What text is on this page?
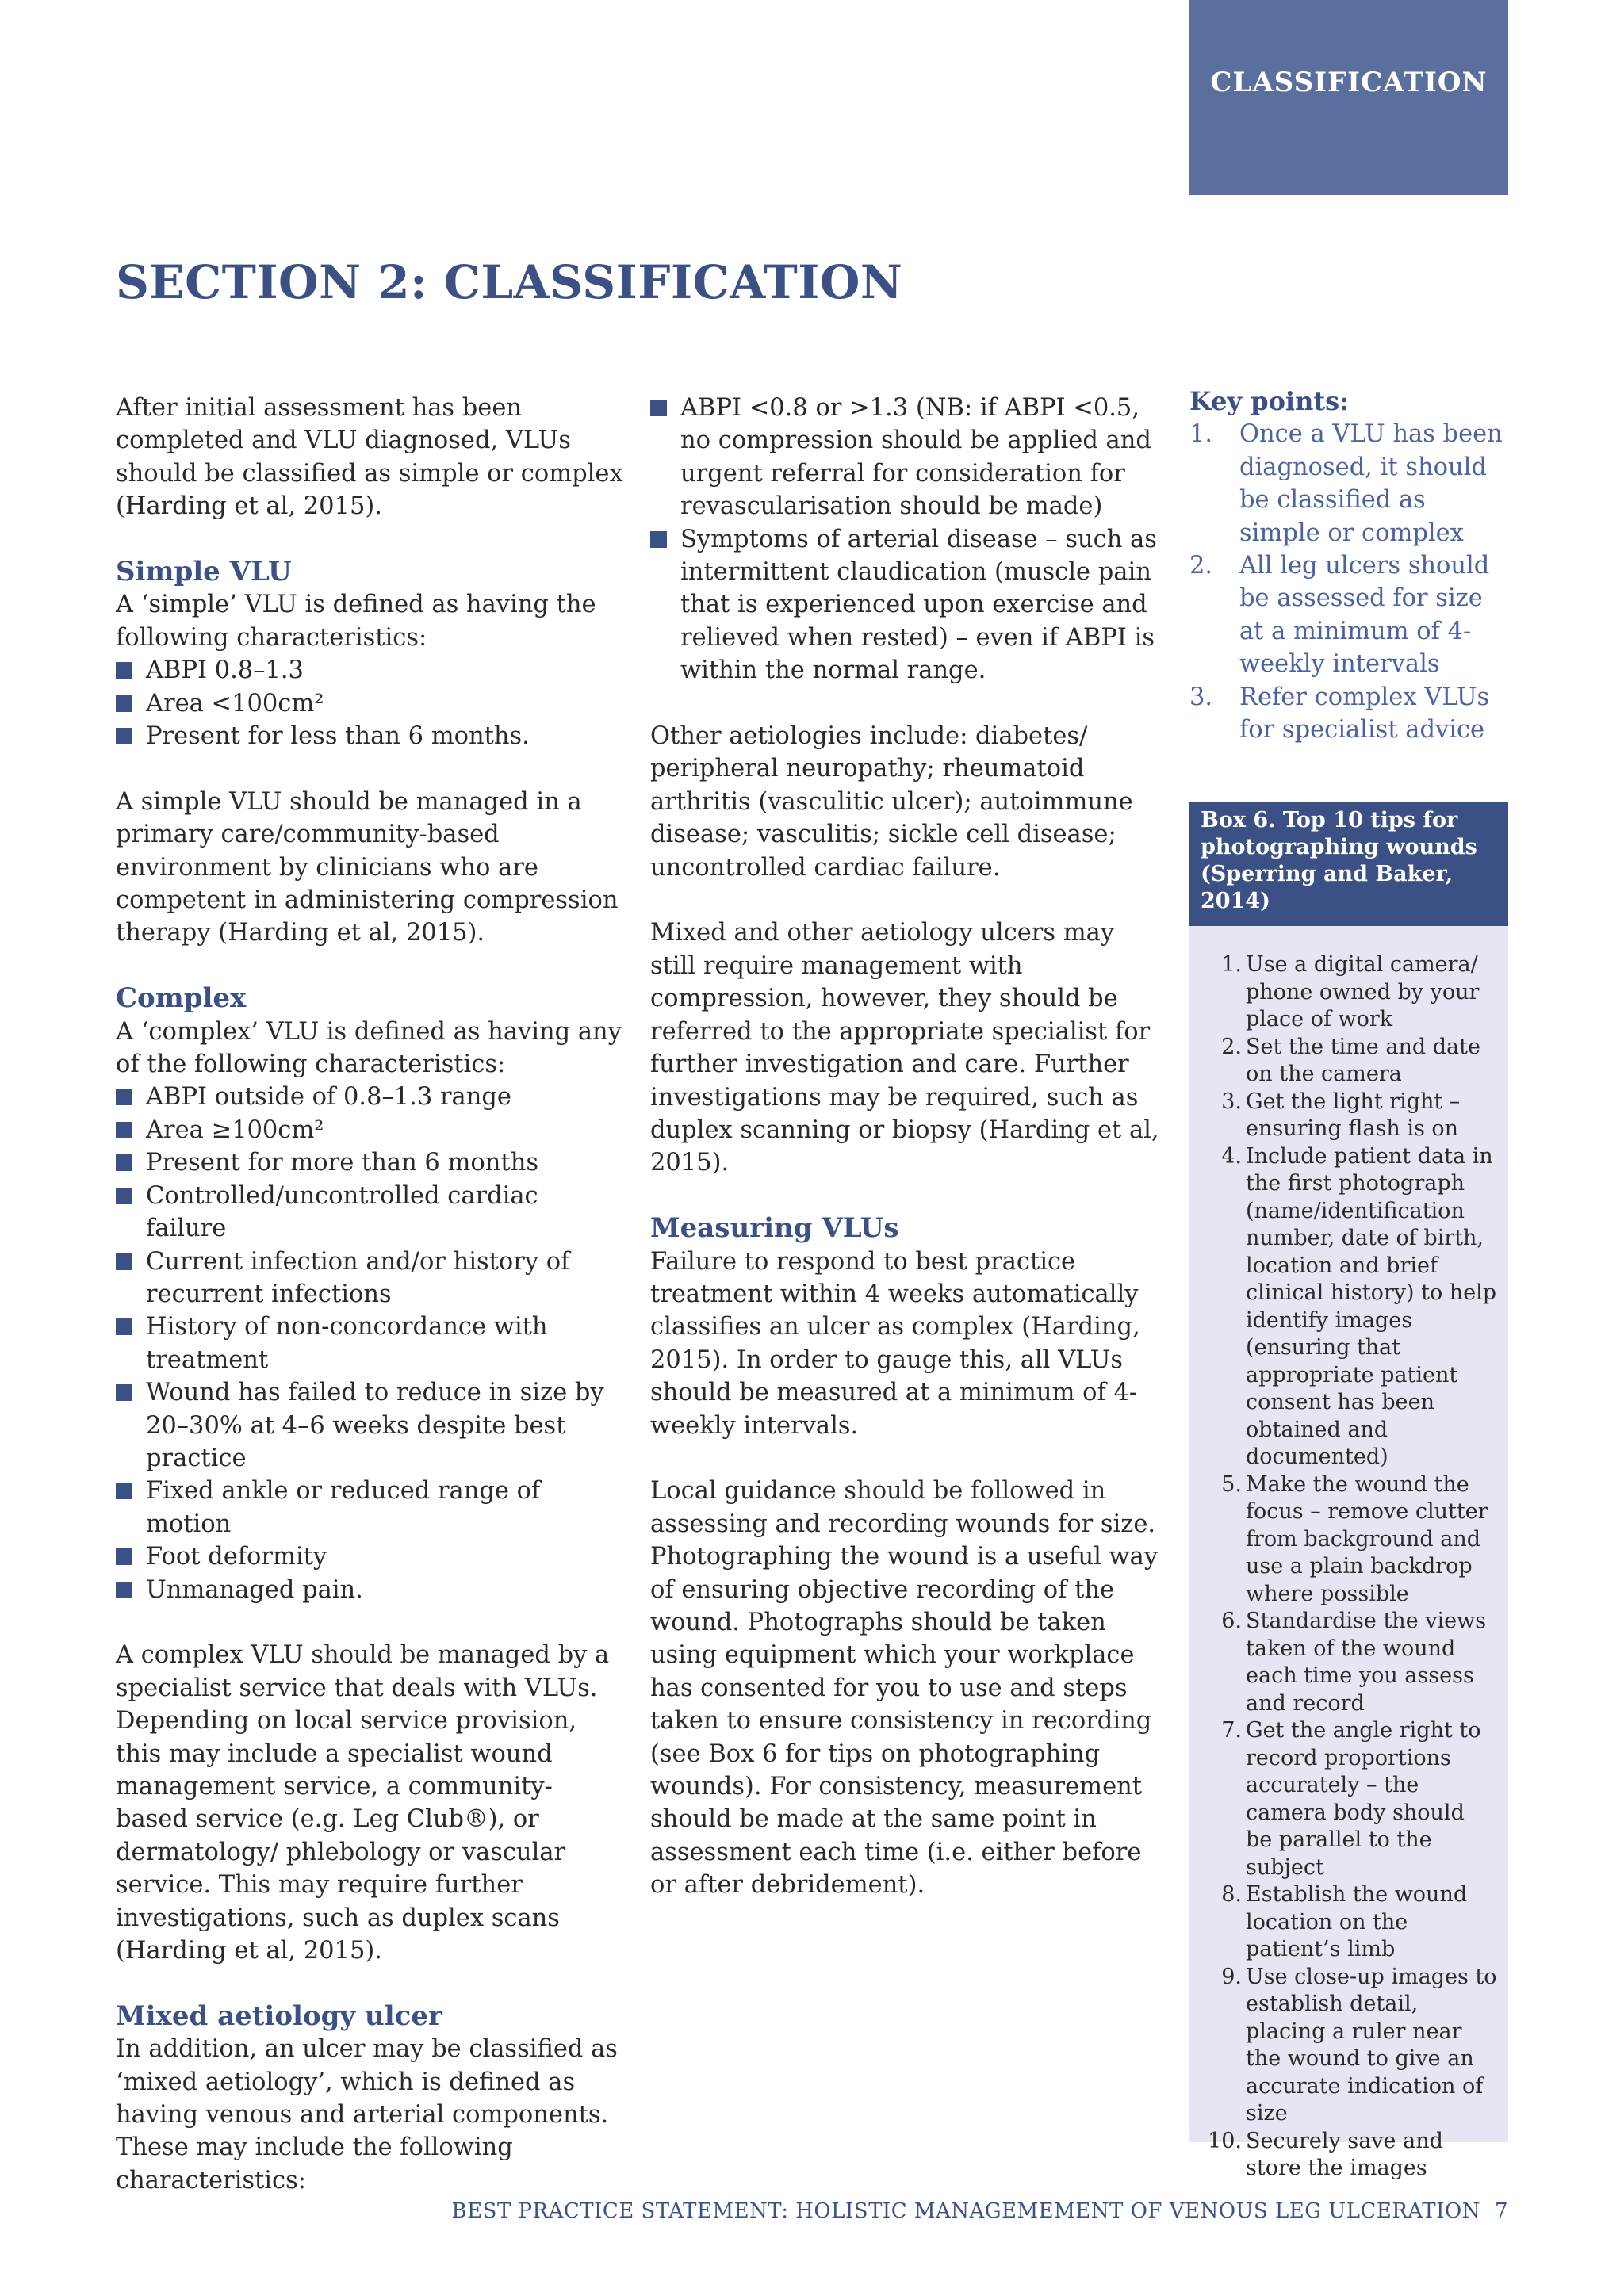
CLASSIFICATION
SECTION 2: CLASSIFICATION

After initial assessment has been completed and VLU diagnosed, VLUs should be classified as simple or complex (Harding et al, 2015).

Simple VLU

A ‘simple’ VLU is defined as having the following characteristics:

ABPI 0.8–1.3
Area <100cm²
Present for less than 6 months.

A simple VLU should be managed in a primary care/community-based environment by clinicians who are competent in administering compression therapy (Harding et al, 2015).

Complex

A ‘complex’ VLU is defined as having any of the following characteristics:

ABPI outside of 0.8–1.3 range
Area ≥100cm²
Present for more than 6 months
Controlled/uncontrolled cardiac failure
Current infection and/or history of recurrent infections
History of non-concordance with treatment
Wound has failed to reduce in size by 20–30% at 4–6 weeks despite best practice
Fixed ankle or reduced range of motion
Foot deformity
Unmanaged pain.

A complex VLU should be managed by a specialist service that deals with VLUs. Depending on local service provision, this may include a specialist wound management service, a community-based service (e.g. Leg Club®), or dermatology/ phlebology or vascular service. This may require further investigations, such as duplex scans (Harding et al, 2015).

Mixed aetiology ulcer

In addition, an ulcer may be classified as ‘mixed aetiology’, which is defined as having venous and arterial components. These may include the following characteristics:

ABPI <0.8 or >1.3 (NB: if ABPI <0.5, no compression should be applied and urgent referral for consideration for revascularisation should be made)
Symptoms of arterial disease – such as intermittent claudication (muscle pain that is experienced upon exercise and relieved when rested) – even if ABPI is within the normal range.

Other aetiologies include: diabetes/ peripheral neuropathy; rheumatoid arthritis (vasculitic ulcer); autoimmune disease; vasculitis; sickle cell disease; uncontrolled cardiac failure.

Mixed and other aetiology ulcers may still require management with compression, however, they should be referred to the appropriate specialist for further investigation and care. Further investigations may be required, such as duplex scanning or biopsy (Harding et al, 2015).

Measuring VLUs

Failure to respond to best practice treatment within 4 weeks automatically classifies an ulcer as complex (Harding, 2015). In order to gauge this, all VLUs should be measured at a minimum of 4-weekly intervals.

Local guidance should be followed in assessing and recording wounds for size. Photographing the wound is a useful way of ensuring objective recording of the wound. Photographs should be taken using equipment which your workplace has consented for you to use and steps taken to ensure consistency in recording (see Box 6 for tips on photographing wounds). For consistency, measurement should be made at the same point in assessment each time (i.e. either before or after debridement).

Key points:
1. Once a VLU has been diagnosed, it should be classified as simple or complex
2. All leg ulcers should be assessed for size at a minimum of 4-weekly intervals
3. Refer complex VLUs for specialist advice
Box 6. Top 10 tips for photographing wounds (Sperring and Baker, 2014)
1. Use a digital camera/ phone owned by your place of work
2. Set the time and date on the camera
3. Get the light right – ensuring flash is on
4. Include patient data in the first photograph (name/identification number, date of birth, location and brief clinical history) to help identify images (ensuring that appropriate patient consent has been obtained and documented)
5. Make the wound the focus – remove clutter from background and use a plain backdrop where possible
6. Standardise the views taken of the wound each time you assess and record
7. Get the angle right to record proportions accurately – the camera body should be parallel to the subject
8. Establish the wound location on the patient’s limb
9. Use close-up images to establish detail, placing a ruler near the wound to give an accurate indication of size
10. Securely save and store the images
BEST PRACTICE STATEMENT: HOLISTIC MANAGEMEMENT OF VENOUS LEG ULCERATION 7
